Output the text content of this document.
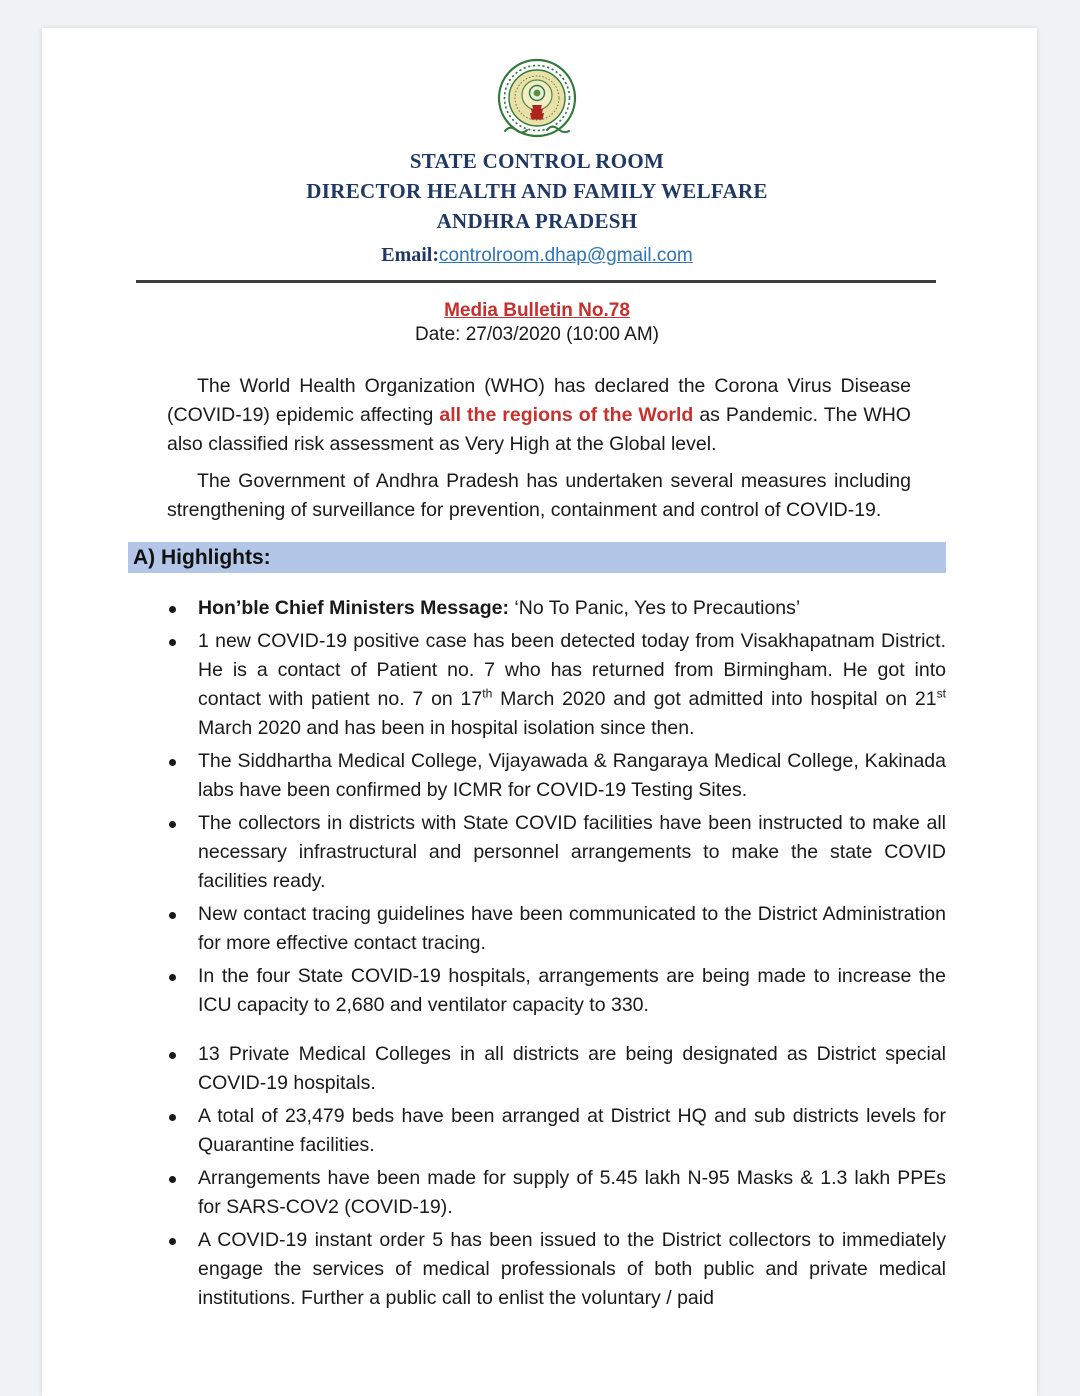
STATE CONTROL ROOM
DIRECTOR HEALTH AND FAMILY WELFARE
ANDHRA PRADESH
Email:controlroom.dhap@gmail.com
Media Bulletin No.78
Date: 27/03/2020 (10:00 AM)

The World Health Organization (WHO) has declared the Corona Virus Disease (COVID-19) epidemic affecting all the regions of the World as Pandemic. The WHO also classified risk assessment as Very High at the Global level.

The Government of Andhra Pradesh has undertaken several measures including strengthening of surveillance for prevention, containment and control of COVID-19.

A) Highlights:
Hon’ble Chief Ministers Message: ‘No To Panic, Yes to Precautions’
1 new COVID-19 positive case has been detected today from Visakhapatnam District. He is a contact of Patient no. 7 who has returned from Birmingham. He got into contact with patient no. 7 on 17th March 2020 and got admitted into hospital on 21st March 2020 and has been in hospital isolation since then.
The Siddhartha Medical College, Vijayawada & Rangaraya Medical College, Kakinada labs have been confirmed by ICMR for COVID-19 Testing Sites.
The collectors in districts with State COVID facilities have been instructed to make all necessary infrastructural and personnel arrangements to make the state COVID facilities ready.
New contact tracing guidelines have been communicated to the District Administration for more effective contact tracing.
In the four State COVID-19 hospitals, arrangements are being made to increase the ICU capacity to 2,680 and ventilator capacity to 330.
13 Private Medical Colleges in all districts are being designated as District special COVID-19 hospitals.
A total of 23,479 beds have been arranged at District HQ and sub districts levels for Quarantine facilities.
Arrangements have been made for supply of 5.45 lakh N-95 Masks & 1.3 lakh PPEs for SARS-COV2 (COVID-19).
A COVID-19 instant order 5 has been issued to the District collectors to immediately engage the services of medical professionals of both public and private medical institutions. Further a public call to enlist the voluntary / paid
